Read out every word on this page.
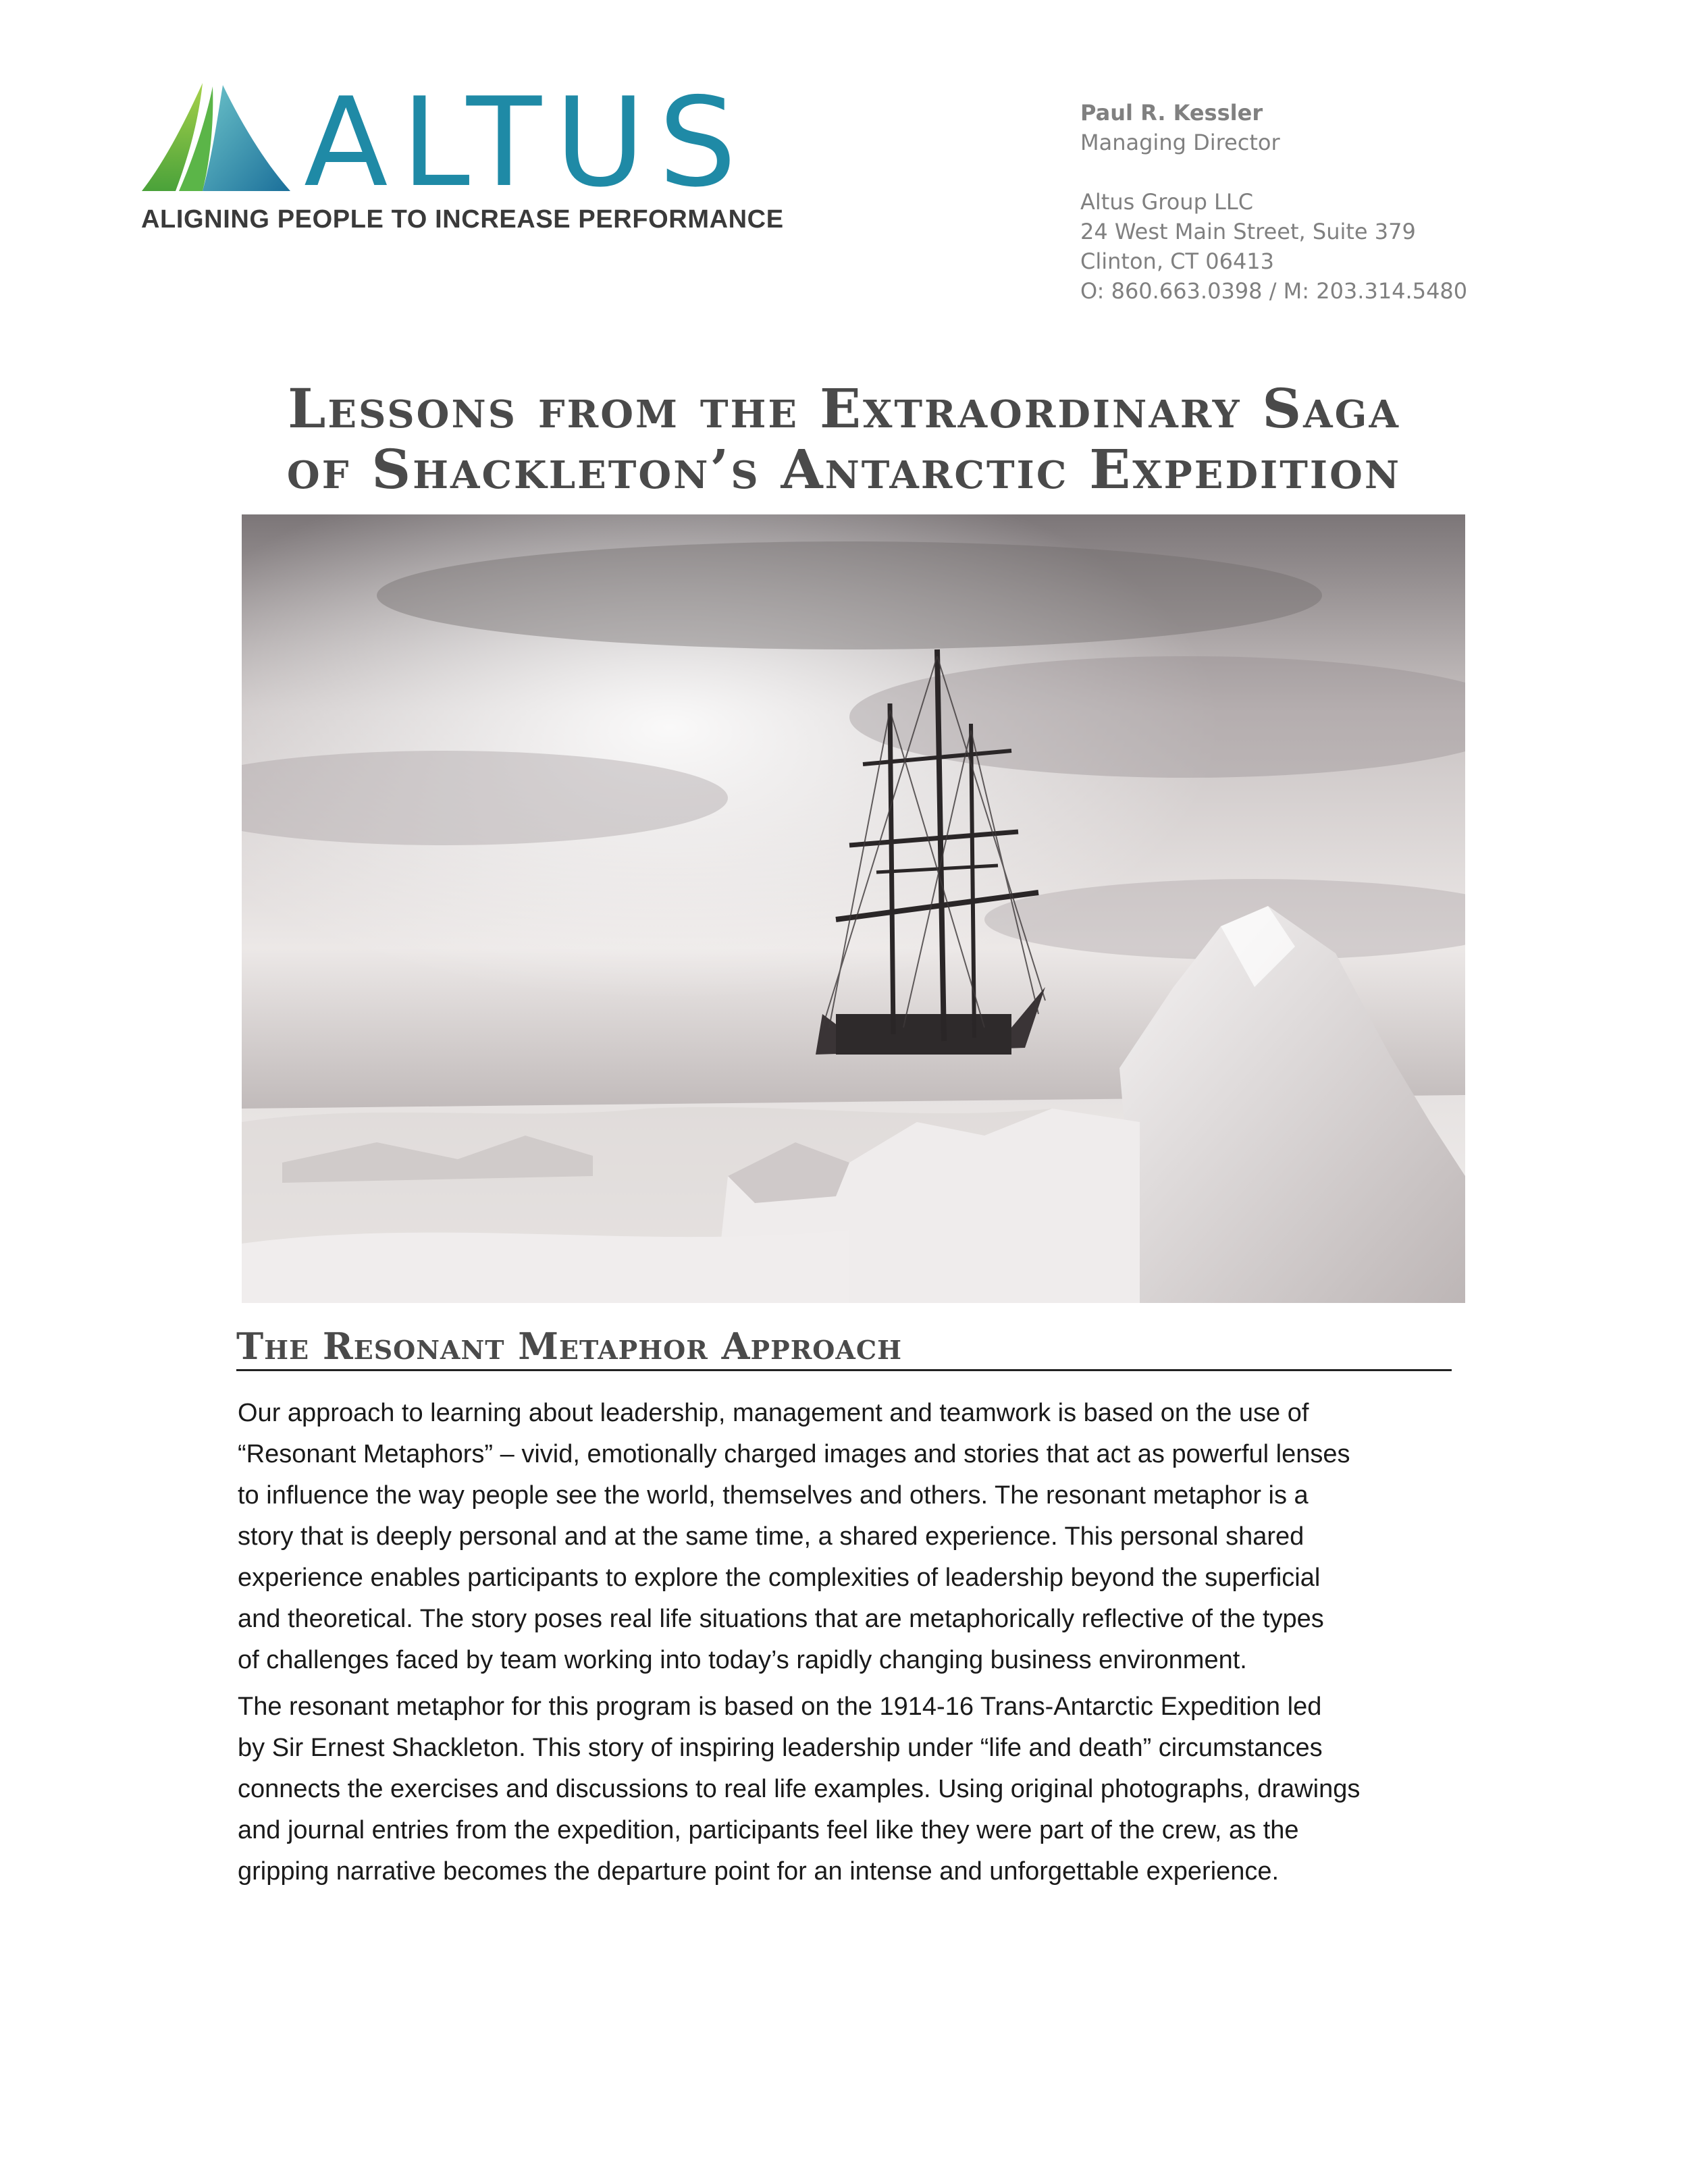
ALTUS
ALIGNING PEOPLE TO INCREASE PERFORMANCE
Paul R. Kessler
Managing Director
Altus Group LLC
24 West Main Street, Suite 379
Clinton, CT 06413
O: 860.663.0398 / M: 203.314.5480
Lessons from the Extraordinary Saga
of Shackleton’s Antarctic Expedition
The Resonant Metaphor Approach

Our approach to learning about leadership, management and teamwork is based on the use of
“Resonant Metaphors” – vivid, emotionally charged images and stories that act as powerful lenses
to influence the way people see the world, themselves and others. The resonant metaphor is a
story that is deeply personal and at the same time, a shared experience. This personal shared
experience enables participants to explore the complexities of leadership beyond the superficial
and theoretical. The story poses real life situations that are metaphorically reflective of the types
of challenges faced by team working into today’s rapidly changing business environment.

The resonant metaphor for this program is based on the 1914-16 Trans-Antarctic Expedition led
by Sir Ernest Shackleton. This story of inspiring leadership under “life and death” circumstances
connects the exercises and discussions to real life examples. Using original photographs, drawings
and journal entries from the expedition, participants feel like they were part of the crew, as the
gripping narrative becomes the departure point for an intense and unforgettable experience.
